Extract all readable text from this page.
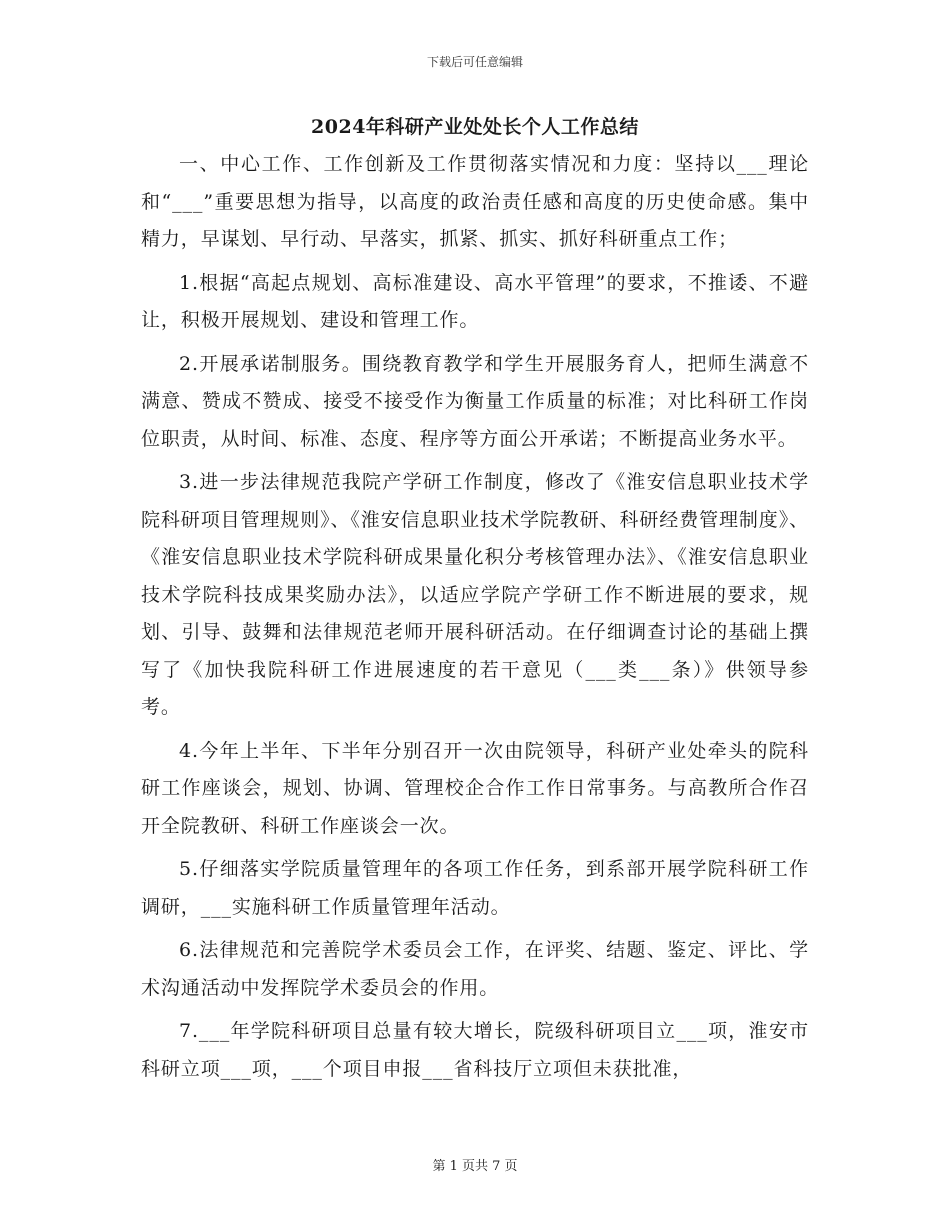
下载后可任意编辑
2024年科研产业处处长个人工作总结

一、中心工作、工作创新及工作贯彻落实情况和力度：坚持以___理论和“___”重要思想为指导，以高度的政治责任感和高度的历史使命感。集中精力，早谋划、早行动、早落实，抓紧、抓实、抓好科研重点工作；

1.根据“高起点规划、高标准建设、高水平管理”的要求，不推诿、不避让，积极开展规划、建设和管理工作。

2.开展承诺制服务。围绕教育教学和学生开展服务育人，把师生满意不满意、赞成不赞成、接受不接受作为衡量工作质量的标准；对比科研工作岗位职责，从时间、标准、态度、程序等方面公开承诺；不断提高业务水平。

3.进一步法律规范我院产学研工作制度，修改了《淮安信息职业技术学院科研项目管理规则》、《淮安信息职业技术学院教研、科研经费管理制度》、《淮安信息职业技术学院科研成果量化积分考核管理办法》、《淮安信息职业技术学院科技成果奖励办法》，以适应学院产学研工作不断进展的要求，规划、引导、鼓舞和法律规范老师开展科研活动。在仔细调查讨论的基础上撰写了《加快我院科研工作进展速度的若干意见（___类___条）》供领导参考。

4.今年上半年、下半年分别召开一次由院领导，科研产业处牵头的院科研工作座谈会，规划、协调、管理校企合作工作日常事务。与高教所合作召开全院教研、科研工作座谈会一次。

5.仔细落实学院质量管理年的各项工作任务，到系部开展学院科研工作调研，___实施科研工作质量管理年活动。

6.法律规范和完善院学术委员会工作，在评奖、结题、鉴定、评比、学术沟通活动中发挥院学术委员会的作用。

7.___年学院科研项目总量有较大增长，院级科研项目立___项，淮安市科研立项___项，___个项目申报___省科技厅立项但未获批准，

第 1 页共 7 页
